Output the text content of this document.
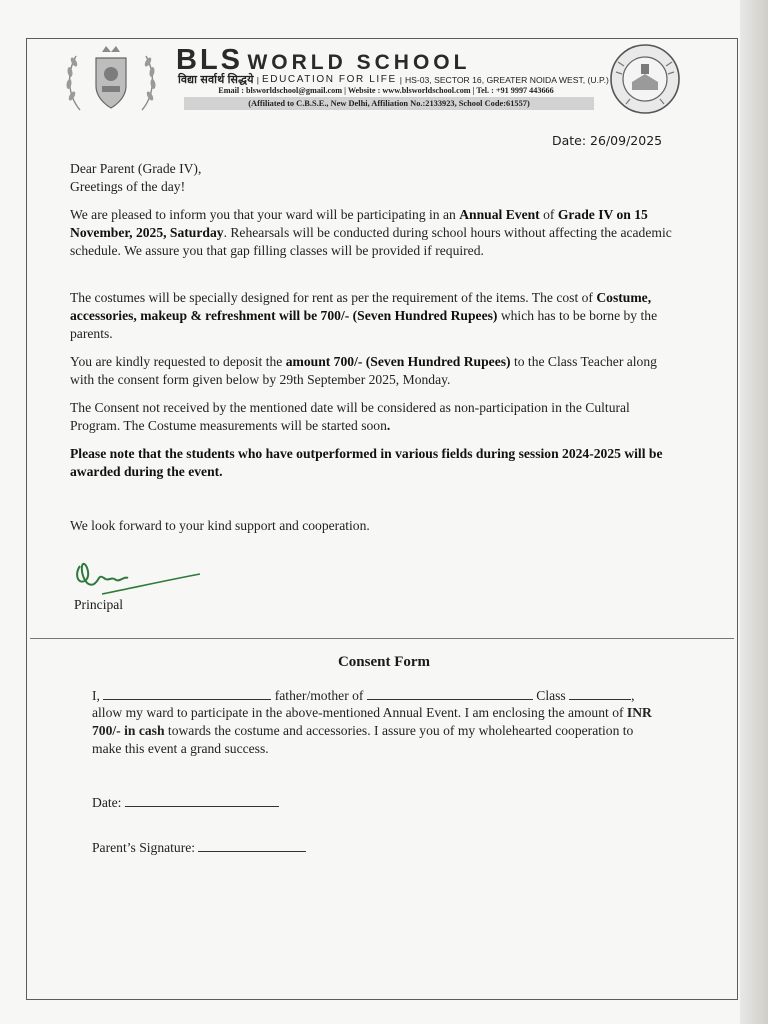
BLS WORLD SCHOOL
विद्या सर्वार्थ सिद्धये | EDUCATION FOR LIFE | HS-03, SECTOR 16, GREATER NOIDA WEST, (U.P.)
Email : blsworldschool@gmail.com | Website : www.blsworldschool.com | Tel. : +91 9997 443666
(Affiliated to C.B.S.E., New Delhi, Affiliation No.:2133923, School Code:61557)
Date: 26/09/2025
Dear Parent (Grade IV),
Greetings of the day!
We are pleased to inform you that your ward will be participating in an Annual Event of Grade IV on 15 November, 2025, Saturday. Rehearsals will be conducted during school hours without affecting the academic schedule. We assure you that gap filling classes will be provided if required.
The costumes will be specially designed for rent as per the requirement of the items. The cost of Costume, accessories, makeup & refreshment will be 700/- (Seven Hundred Rupees) which has to be borne by the parents.
You are kindly requested to deposit the amount 700/- (Seven Hundred Rupees) to the Class Teacher along with the consent form given below by 29th September 2025, Monday.
The Consent not received by the mentioned date will be considered as non-participation in the Cultural Program. The Costume measurements will be started soon.
Please note that the students who have outperformed in various fields during session 2024-2025 will be awarded during the event.
We look forward to your kind support and cooperation.
Principal
Consent Form
I,	father/mother of	Class	,
allow my ward to participate in the above-mentioned Annual Event. I am enclosing the amount of INR 700/- in cash towards the costume and accessories. I assure you of my wholehearted cooperation to make this event a grand success.
Date:
Parent’s Signature:
